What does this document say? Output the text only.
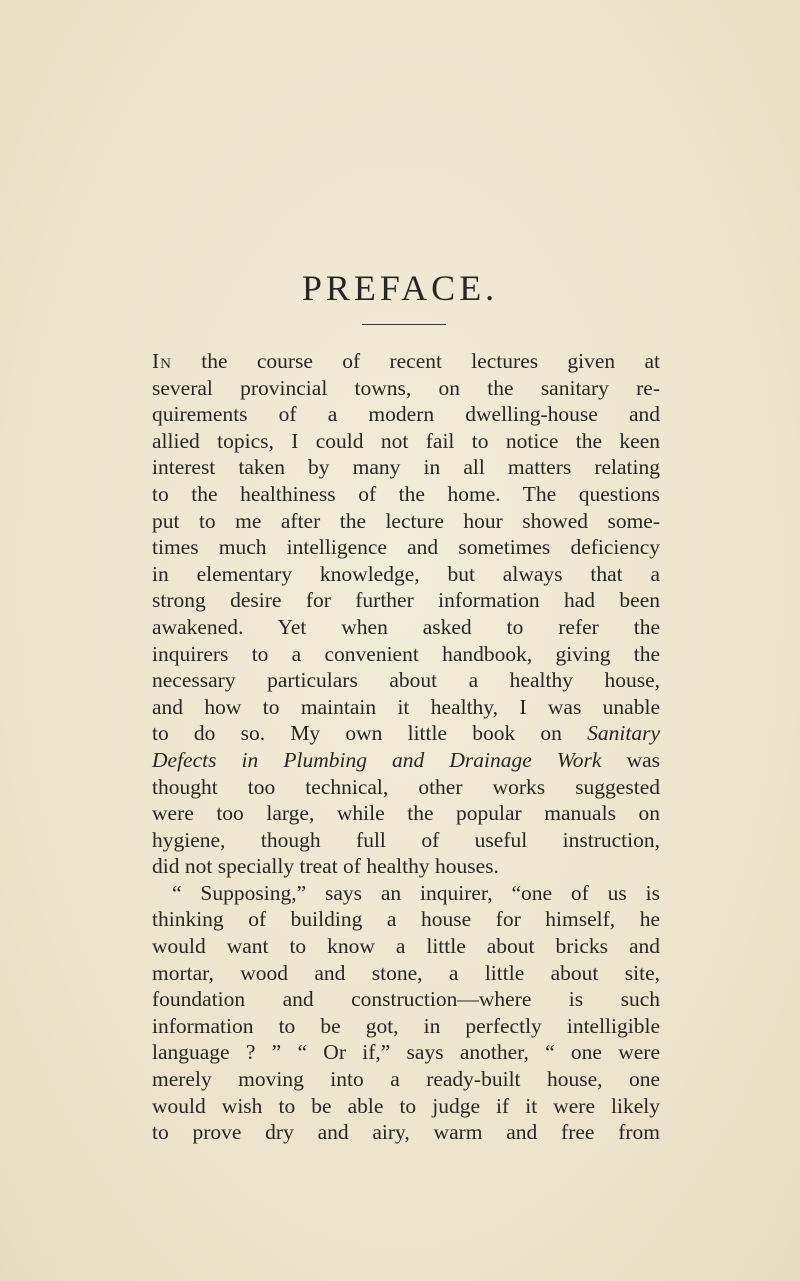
PREFACE.
In the course of recent lectures given at
several provincial towns, on the sanitary re-
quirements of a modern dwelling-house and
allied topics, I could not fail to notice the keen
interest taken by many in all matters relating
to the healthiness of the home. The questions
put to me after the lecture hour showed some-
times much intelligence and sometimes deficiency
in elementary knowledge, but always that a
strong desire for further information had been
awakened. Yet when asked to refer the
inquirers to a convenient handbook, giving the
necessary particulars about a healthy house,
and how to maintain it healthy, I was unable
to do so. My own little book on Sanitary
Defects in Plumbing and Drainage Work was
thought too technical, other works suggested
were too large, while the popular manuals on
hygiene, though full of useful instruction,
did not specially treat of healthy houses.
“ Supposing,” says an inquirer, “one of us is
thinking of building a house for himself, he
would want to know a little about bricks and
mortar, wood and stone, a little about site,
foundation and construction—where is such
information to be got, in perfectly intelligible
language ? ” “ Or if,” says another, “ one were
merely moving into a ready-built house, one
would wish to be able to judge if it were likely
to prove dry and airy, warm and free from
